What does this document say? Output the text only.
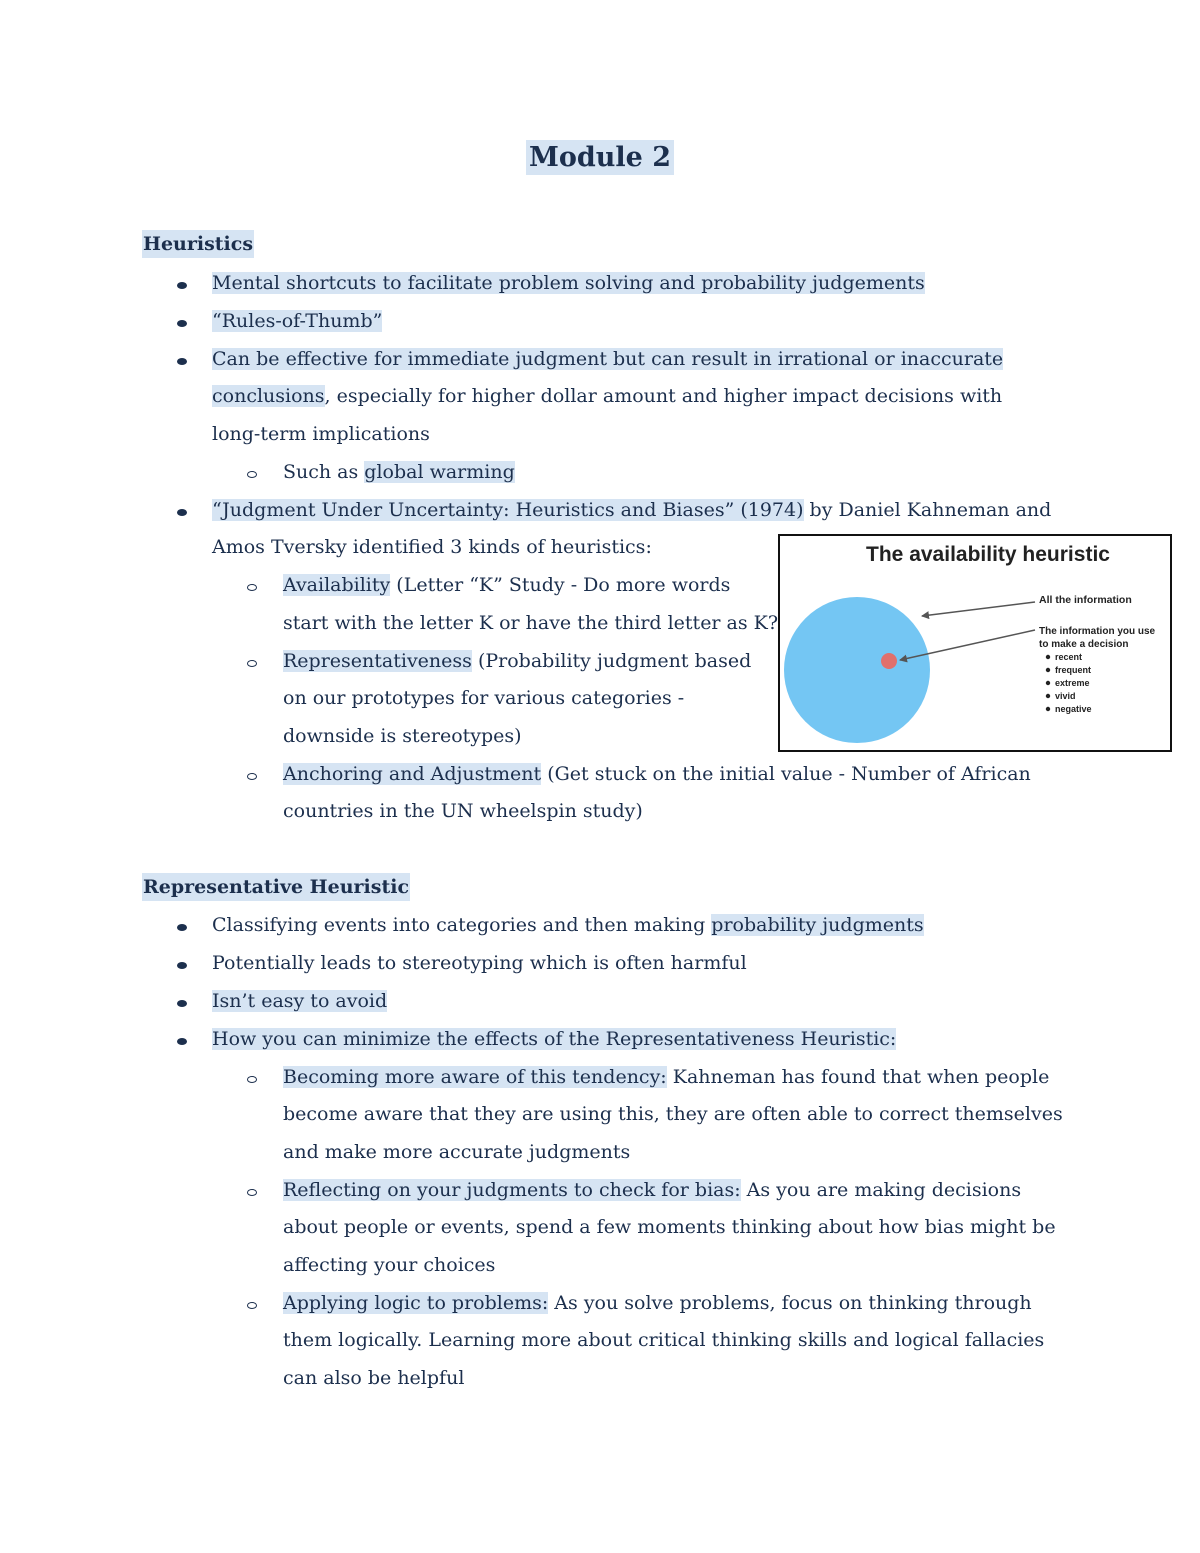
Module 2
Heuristics
Mental shortcuts to facilitate problem solving and probability judgements
“Rules-of-Thumb”
Can be effective for immediate judgment but can result in irrational or inaccurate
conclusions, especially for higher dollar amount and higher impact decisions with
long-term implications
Such as global warming
“Judgment Under Uncertainty: Heuristics and Biases” (1974) by Daniel Kahneman and
Amos Tversky identified 3 kinds of heuristics:
Availability (Letter “K” Study - Do more words
start with the letter K or have the third letter as K?
Representativeness (Probability judgment based
on our prototypes for various categories -
downside is stereotypes)
Anchoring and Adjustment (Get stuck on the initial value - Number of African
countries in the UN wheelspin study)
The availability heuristic
All the information
The information you use
to make a decision
recent
frequent
extreme
vivid
negative
Representative Heuristic
Classifying events into categories and then making probability judgments
Potentially leads to stereotyping which is often harmful
Isn’t easy to avoid
How you can minimize the effects of the Representativeness Heuristic:
Becoming more aware of this tendency: Kahneman has found that when people
become aware that they are using this, they are often able to correct themselves
and make more accurate judgments
Reflecting on your judgments to check for bias: As you are making decisions
about people or events, spend a few moments thinking about how bias might be
affecting your choices
Applying logic to problems: As you solve problems, focus on thinking through
them logically. Learning more about critical thinking skills and logical fallacies
can also be helpful
